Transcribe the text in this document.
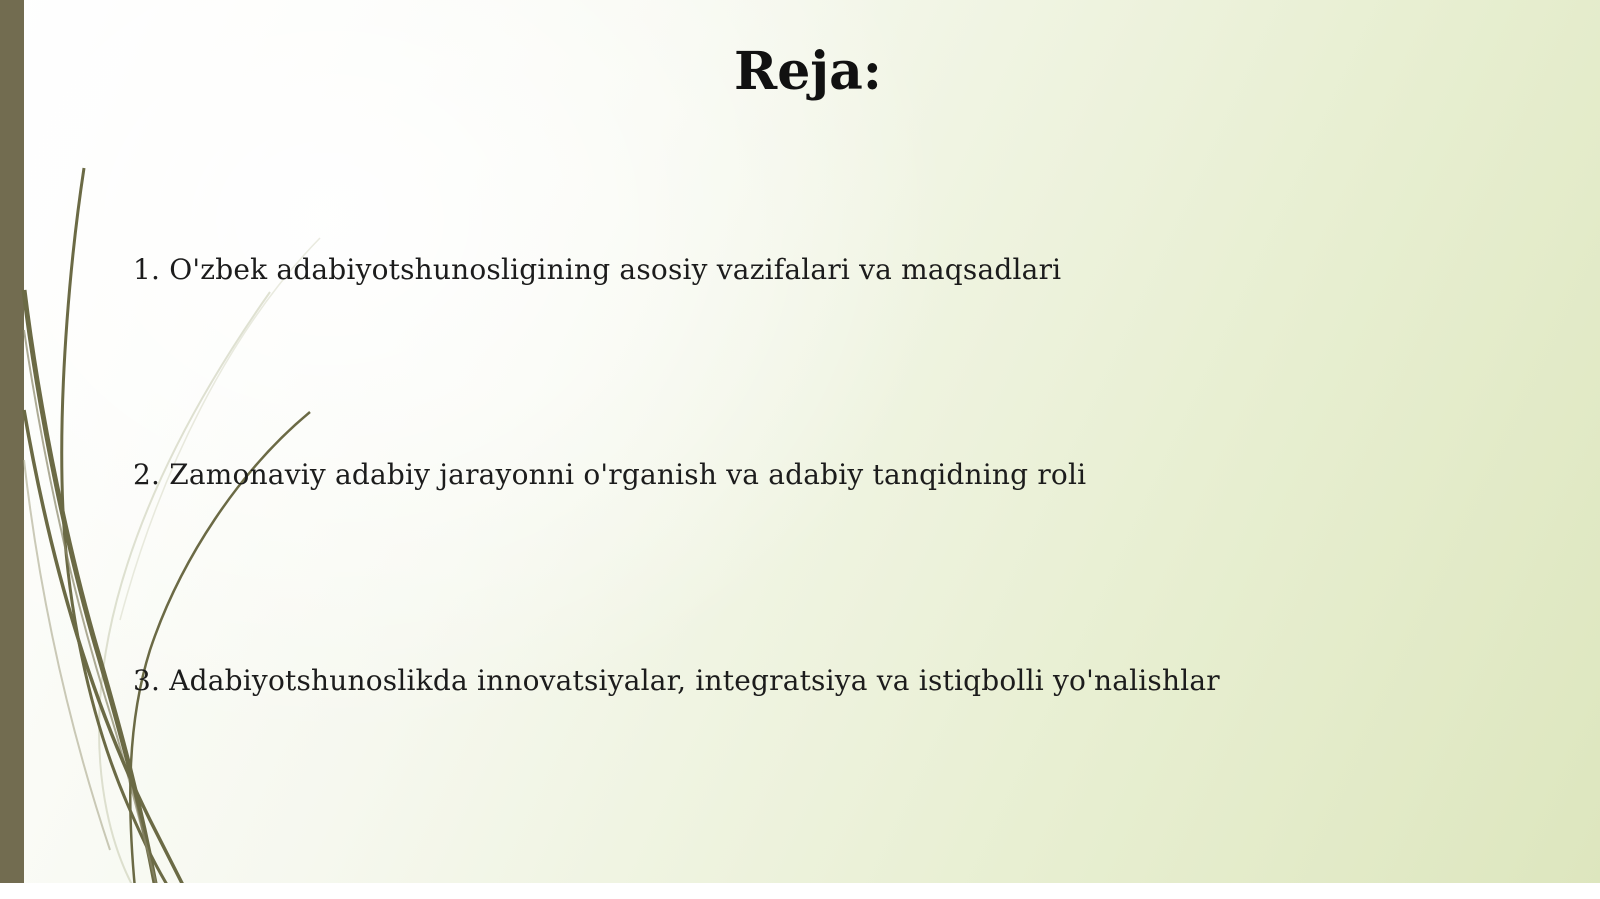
Reja:
1. O'zbek adabiyotshunosligining asosiy vazifalari va maqsadlari
2. Zamonaviy adabiy jarayonni o'rganish va adabiy tanqidning roli
3. Adabiyotshunoslikda innovatsiyalar, integratsiya va istiqbolli yo'nalishlar
